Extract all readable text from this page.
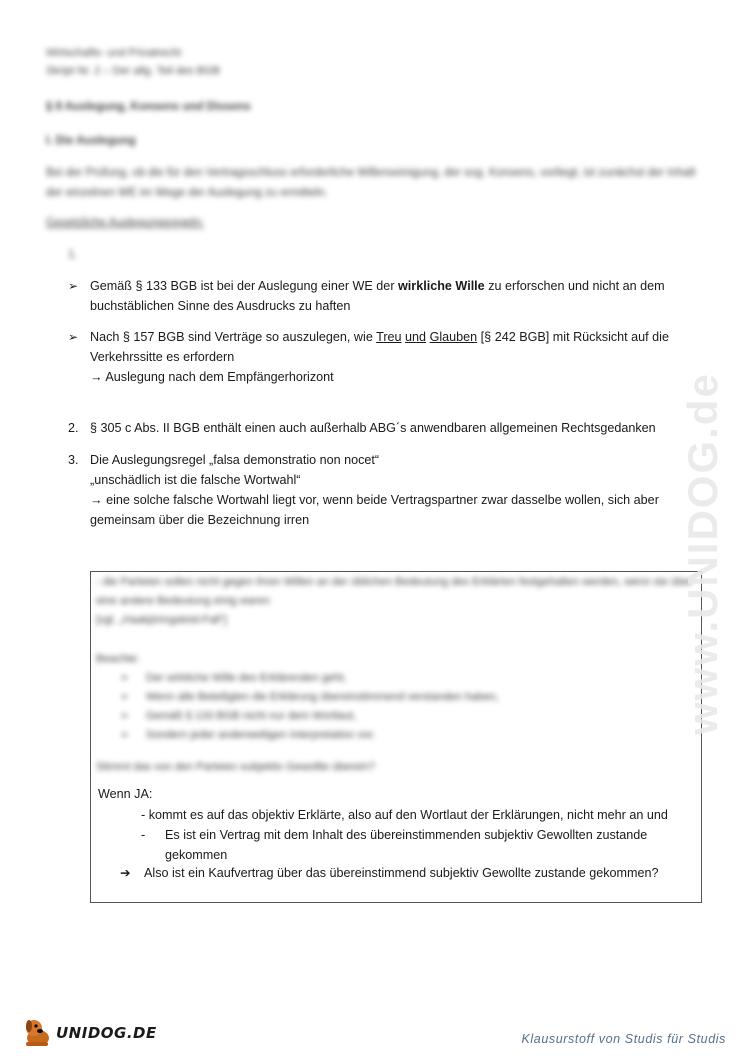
Wirtschafts- und Privatrecht
Skript Nr. 2 – Der allg. Teil des BGB
§ 8 Auslegung, Konsens und Dissens
I. Die Auslegung
Bei der Prüfung, ob die für den Vertragsschluss erforderliche Willenseinigung, der sog. Konsens, vorliegt, ist zunächst der Inhalt der einzelnen WE im Wege der Auslegung zu ermitteln.
Gesetzliche Auslegungsregeln:
1.
➢ Gemäß § 133 BGB ist bei der Auslegung einer WE der wirkliche Wille zu erforschen und nicht an dem buchstäblichen Sinne des Ausdrucks zu haften
➢ Nach § 157 BGB sind Verträge so auszulegen, wie Treu und Glauben [§ 242 BGB] mit Rücksicht auf die Verkehrssitte es erfordern
→ Auslegung nach dem Empfängerhorizont
2. § 305 c Abs. II BGB enthält einen auch außerhalb ABG´s anwendbaren allgemeinen Rechtsgedanken
3. Die Auslegungsregel „falsa demonstratio non nocet“
„unschädlich ist die falsche Wortwahl“
→ eine solche falsche Wortwahl liegt vor, wenn beide Vertragspartner zwar dasselbe wollen, sich aber gemeinsam über die Bezeichnung irren
- die Parteien sollen nicht gegen ihren Willen an der üblichen Bedeutung des Erklärten festgehalten werden, wenn sie über eine andere Bedeutung einig waren
[vgl. „Haakjöringsköd-Fall“]
Beachte:
➢ Der wirkliche Wille des Erklärenden geht,
➢ Wenn alle Beteiligten die Erklärung übereinstimmend verstanden haben,
➢ Gemäß § 133 BGB nicht nur dem Wortlaut,
➢ Sondern jeder anderweitigen Interpretation vor.
Stimmt das von den Parteien subjektiv Gewollte überein?
Wenn JA:
- kommt es auf das objektiv Erklärte, also auf den Wortlaut der Erklärungen, nicht mehr an und
- Es ist ein Vertrag mit dem Inhalt des übereinstimmenden subjektiv Gewollten zustande gekommen
➔ Also ist ein Kaufvertrag über das übereinstimmend subjektiv Gewollte zustande gekommen?
www.UNIDOG.de
UNIDOG.DE	Klausurstoff von Studis für Studis
